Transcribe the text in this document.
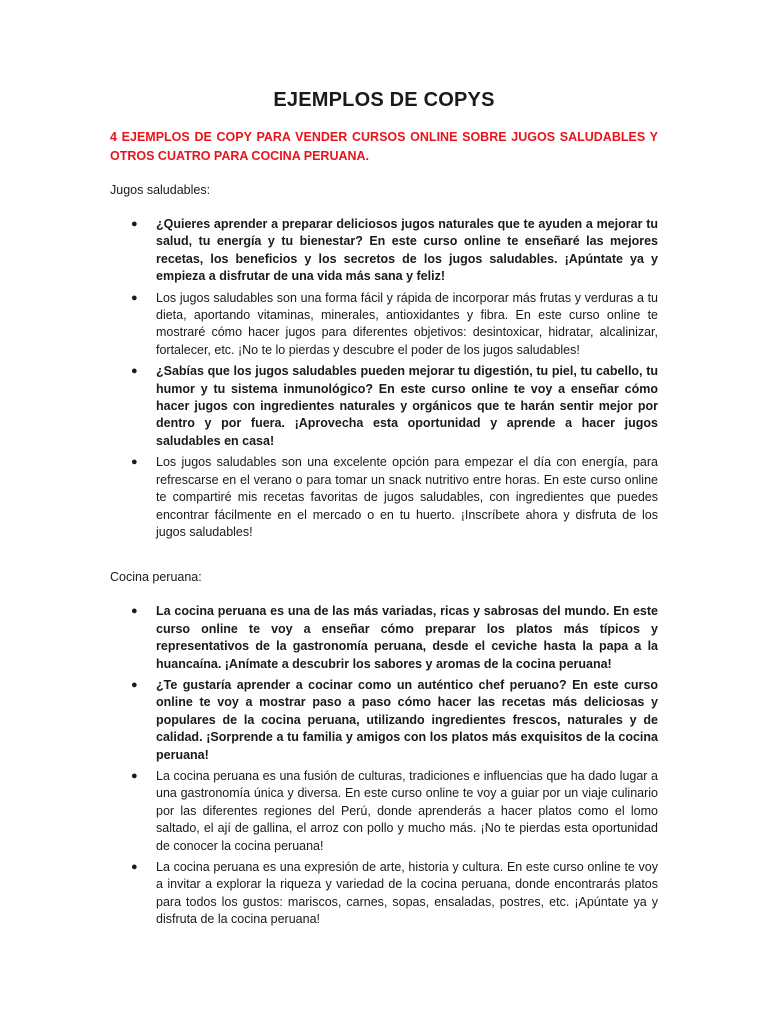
EJEMPLOS DE COPYS

4 EJEMPLOS DE COPY PARA VENDER CURSOS ONLINE SOBRE JUGOS SALUDABLES Y OTROS CUATRO PARA COCINA PERUANA.

Jugos saludables:

● ¿Quieres aprender a preparar deliciosos jugos naturales que te ayuden a mejorar tu salud, tu energía y tu bienestar? En este curso online te enseñaré las mejores recetas, los beneficios y los secretos de los jugos saludables. ¡Apúntate ya y empieza a disfrutar de una vida más sana y feliz!
● Los jugos saludables son una forma fácil y rápida de incorporar más frutas y verduras a tu dieta, aportando vitaminas, minerales, antioxidantes y fibra. En este curso online te mostraré cómo hacer jugos para diferentes objetivos: desintoxicar, hidratar, alcalinizar, fortalecer, etc. ¡No te lo pierdas y descubre el poder de los jugos saludables!
● ¿Sabías que los jugos saludables pueden mejorar tu digestión, tu piel, tu cabello, tu humor y tu sistema inmunológico? En este curso online te voy a enseñar cómo hacer jugos con ingredientes naturales y orgánicos que te harán sentir mejor por dentro y por fuera. ¡Aprovecha esta oportunidad y aprende a hacer jugos saludables en casa!
● Los jugos saludables son una excelente opción para empezar el día con energía, para refrescarse en el verano o para tomar un snack nutritivo entre horas. En este curso online te compartiré mis recetas favoritas de jugos saludables, con ingredientes que puedes encontrar fácilmente en el mercado o en tu huerto. ¡Inscríbete ahora y disfruta de los jugos saludables!

Cocina peruana:

● La cocina peruana es una de las más variadas, ricas y sabrosas del mundo. En este curso online te voy a enseñar cómo preparar los platos más típicos y representativos de la gastronomía peruana, desde el ceviche hasta la papa a la huancaína. ¡Anímate a descubrir los sabores y aromas de la cocina peruana!
● ¿Te gustaría aprender a cocinar como un auténtico chef peruano? En este curso online te voy a mostrar paso a paso cómo hacer las recetas más deliciosas y populares de la cocina peruana, utilizando ingredientes frescos, naturales y de calidad. ¡Sorprende a tu familia y amigos con los platos más exquisitos de la cocina peruana!
● La cocina peruana es una fusión de culturas, tradiciones e influencias que ha dado lugar a una gastronomía única y diversa. En este curso online te voy a guiar por un viaje culinario por las diferentes regiones del Perú, donde aprenderás a hacer platos como el lomo saltado, el ají de gallina, el arroz con pollo y mucho más. ¡No te pierdas esta oportunidad de conocer la cocina peruana!
● La cocina peruana es una expresión de arte, historia y cultura. En este curso online te voy a invitar a explorar la riqueza y variedad de la cocina peruana, donde encontrarás platos para todos los gustos: mariscos, carnes, sopas, ensaladas, postres, etc. ¡Apúntate ya y disfruta de la cocina peruana!
